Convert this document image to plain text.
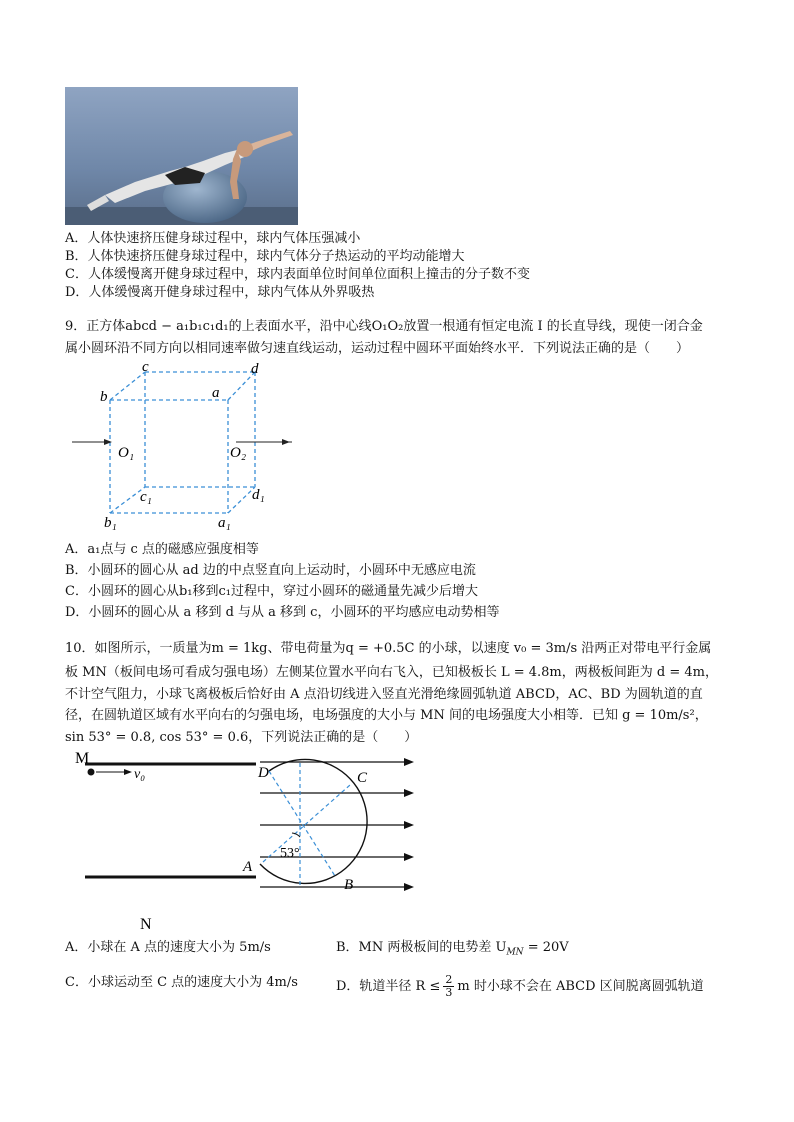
A．人体快速挤压健身球过程中，球内气体压强减小
B．人体快速挤压健身球过程中，球内气体分子热运动的平均动能增大
C．人体缓慢离开健身球过程中，球内表面单位时间单位面积上撞击的分子数不变
D．人体缓慢离开健身球过程中，球内气体从外界吸热
9．正方体abcd − a₁b₁c₁d₁的上表面水平，沿中心线O₁O₂放置一根通有恒定电流 I 的长直导线，现使一闭合金
属小圆环沿不同方向以相同速率做匀速直线运动，运动过程中圆环平面始终水平．下列说法正确的是（　　）
c	d
b	a
O₁	O₂
c₁	d₁
b₁	a₁
A．a₁点与 c 点的磁感应强度相等
B．小圆环的圆心从 ad 边的中点竖直向上运动时，小圆环中无感应电流
C．小圆环的圆心从b₁移到c₁过程中，穿过小圆环的磁通量先减少后增大
D．小圆环的圆心从 a 移到 d 与从 a 移到 c，小圆环的平均感应电动势相等
10．如图所示，一质量为m = 1kg、带电荷量为q = +0.5C 的小球，以速度 v₀ = 3m/s 沿两正对带电平行金属
板 MN（板间电场可看成匀强电场）左侧某位置水平向右飞入，已知极板长 L = 4.8m，两极板间距为 d = 4m，
不计空气阻力，小球飞离极板后恰好由 A 点沿切线进入竖直光滑绝缘圆弧轨道 ABCD，AC、BD 为圆轨道的直
径，在圆轨道区域有水平向右的匀强电场，电场强度的大小与 MN 间的电场强度大小相等．已知 g = 10m/s²，
sin 53° = 0.8, cos 53° = 0.6，下列说法正确的是（　　）
M
v₀	D	C
53°
A
B
N
A．小球在 A 点的速度大小为 5m/s	B．MN 两极板间的电势差 $U_{MN} = 20V$
C．小球运动至 C 点的速度大小为 4m/s	D．轨道半径 $R \le \frac{2}{3}$ m 时小球不会在 ABCD 区间脱离圆弧轨道
